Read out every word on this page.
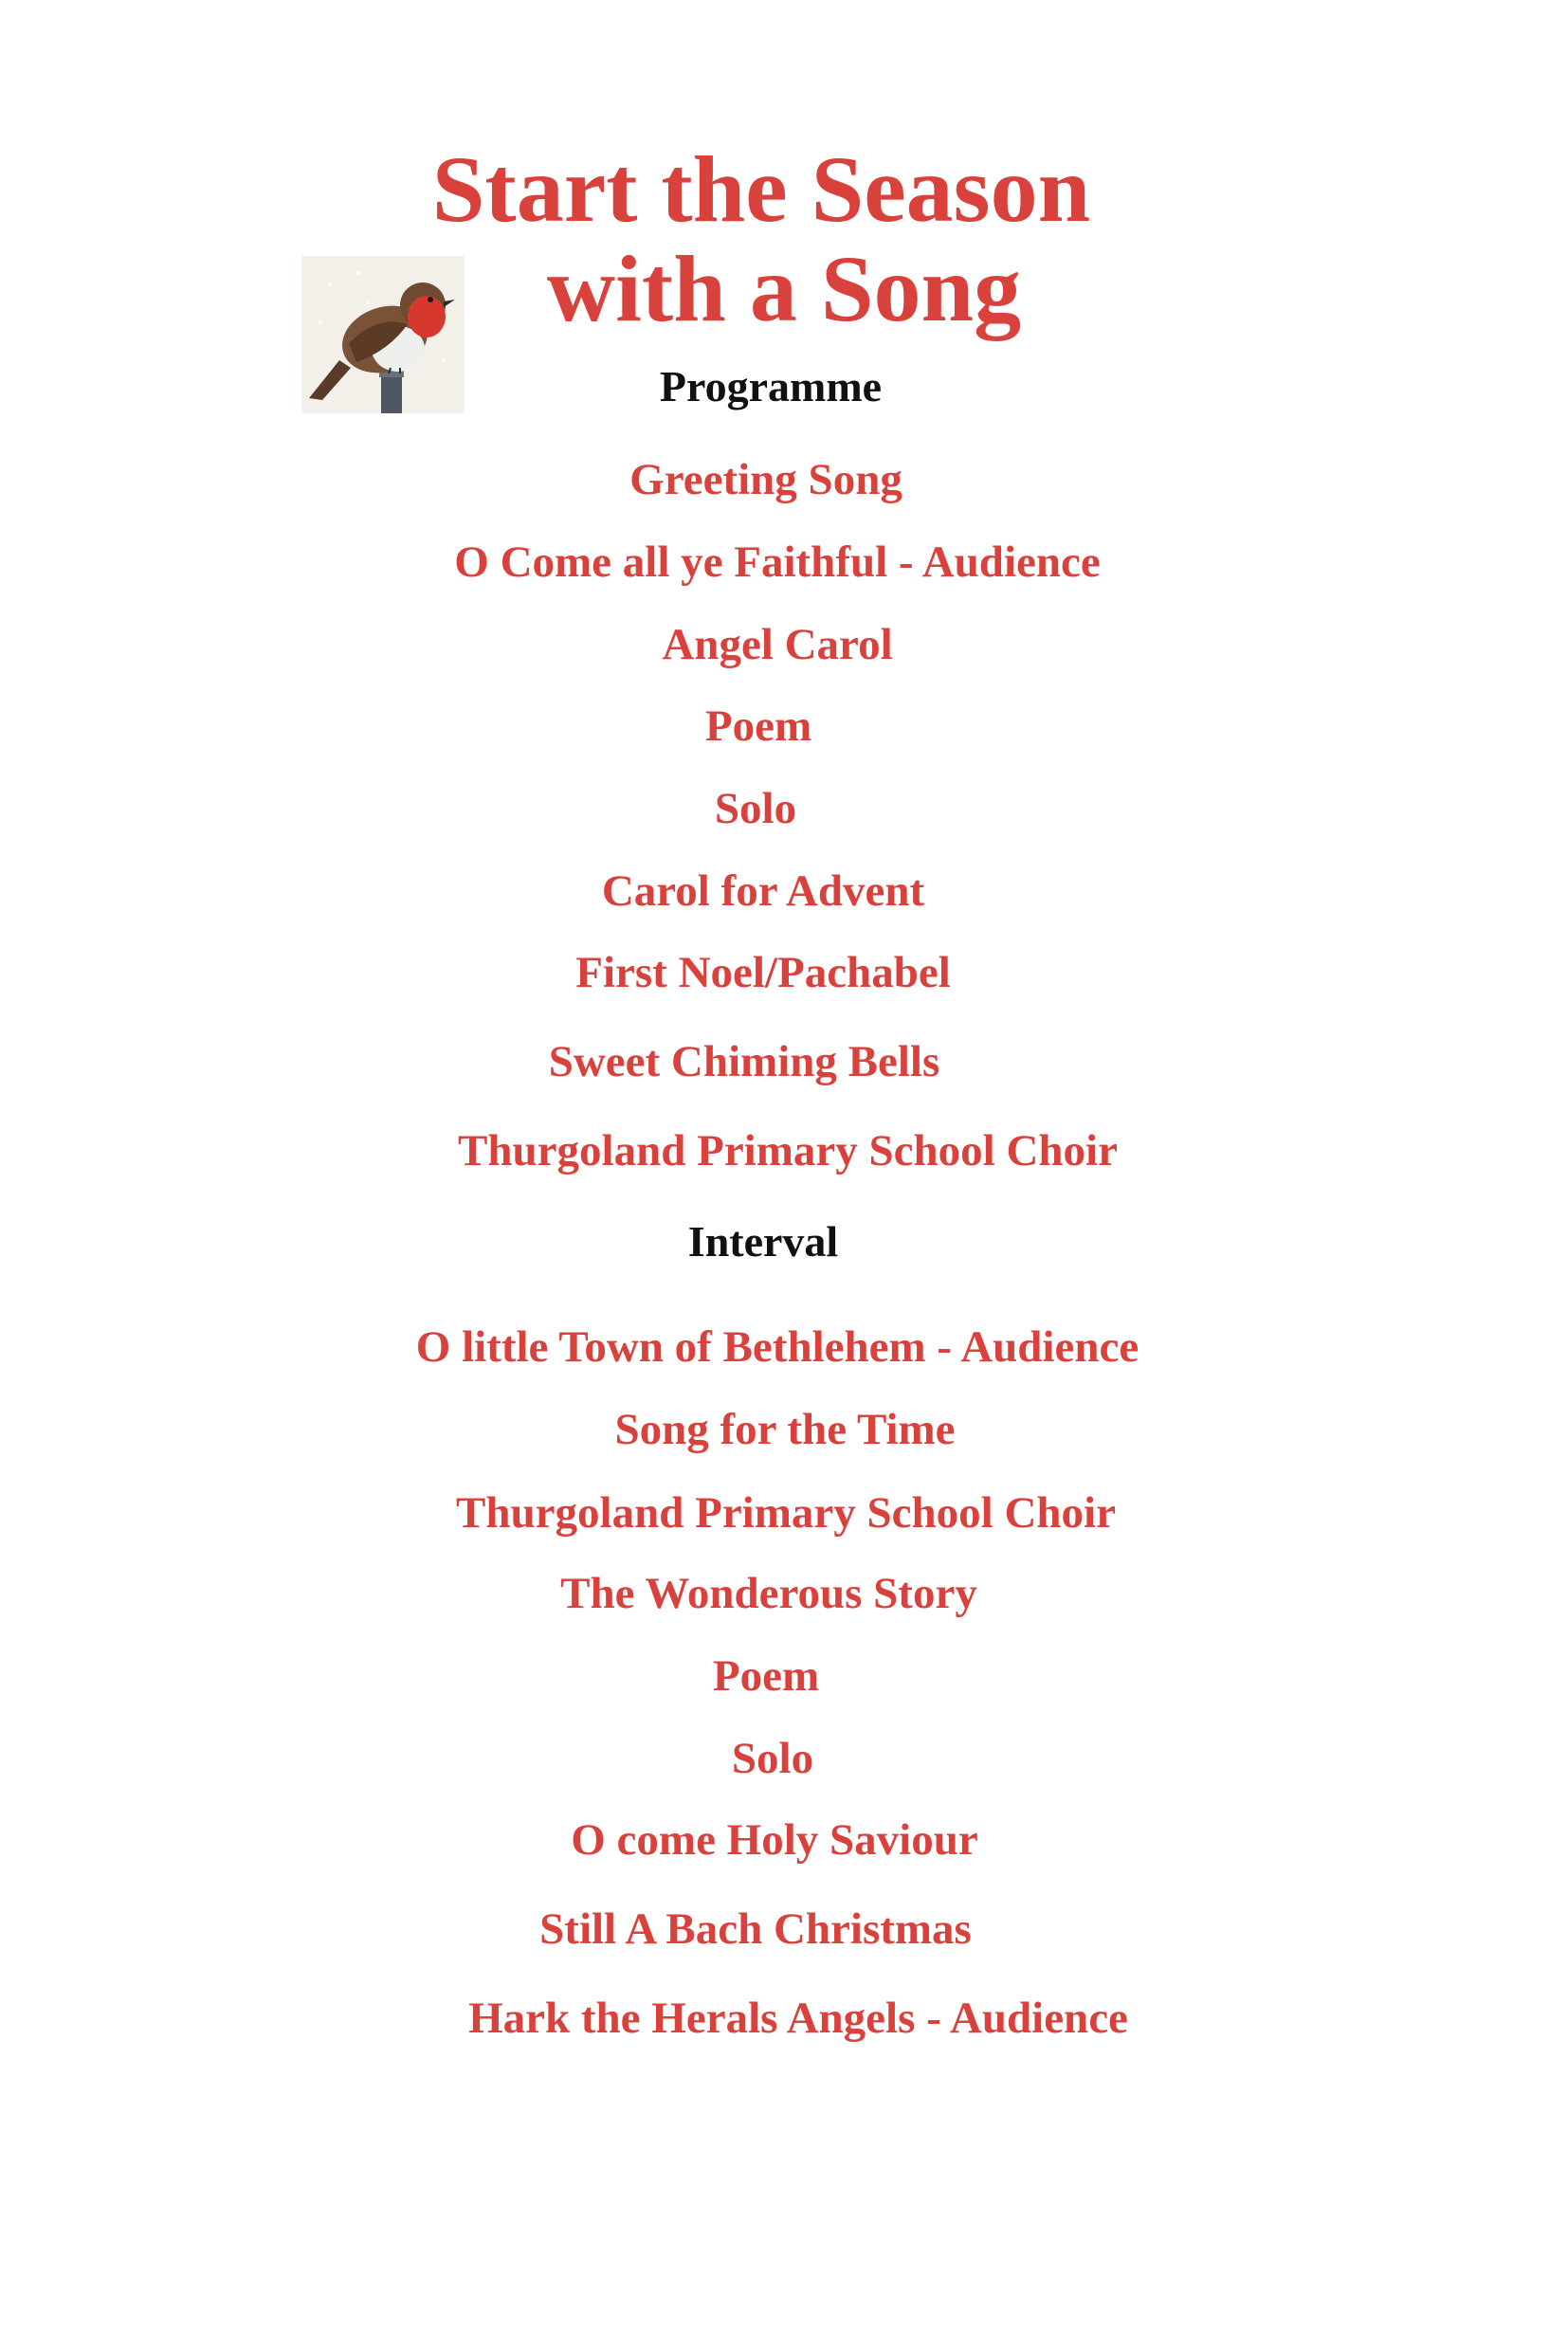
Start the Season
with a Song
Programme

Greeting Song

O Come all ye Faithful - Audience

Angel Carol

Poem

Solo

Carol for Advent

First Noel/Pachabel

Sweet Chiming Bells

Thurgoland Primary School Choir

Interval

O little Town of Bethlehem - Audience

Song for the Time

Thurgoland Primary School Choir

The Wonderous Story

Poem

Solo

O come Holy Saviour

Still A Bach Christmas

Hark the Herals Angels - Audience
